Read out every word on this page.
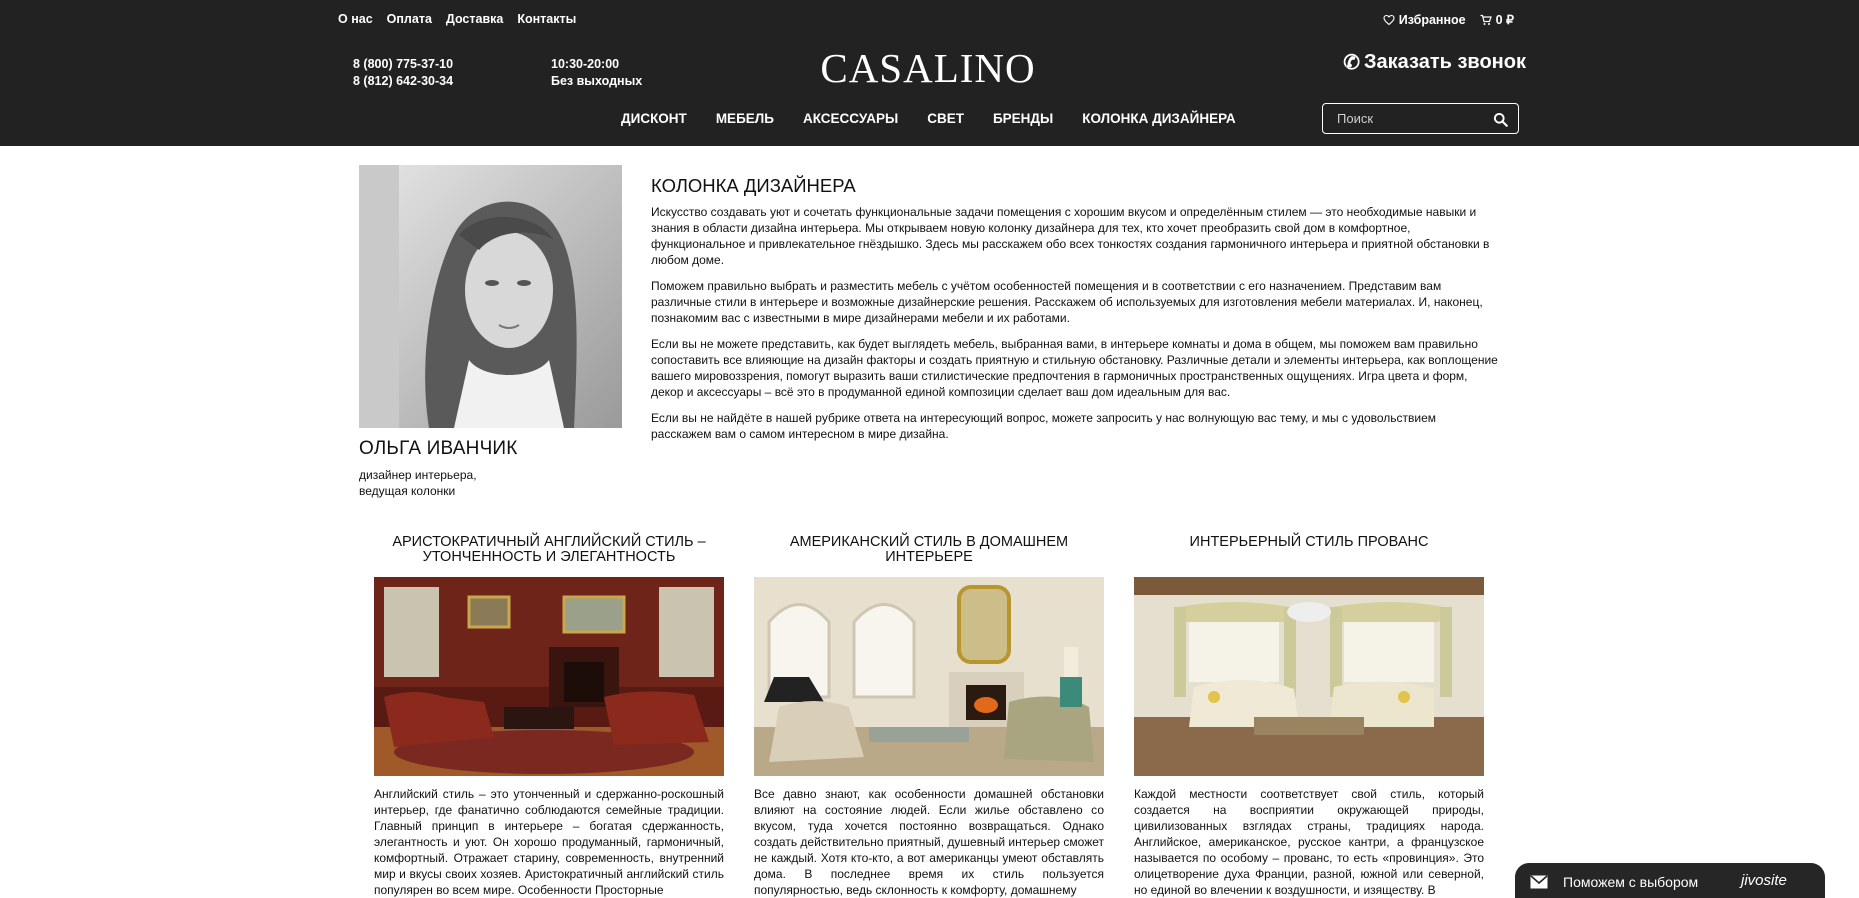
О нас Оплата Доставка Контакты	Избранное 0 ₽
8 (800) 775-37-10
8 (812) 642-30-34
10:30-20:00
Без выходных	CASALINO	✆ Заказать звонок
ДИСКОНТ МЕБЕЛЬ АКСЕССУАРЫ СВЕТ БРЕНДЫ КОЛОНКА ДИЗАЙНЕРА
Поиск
ОЛЬГА ИВАНЧИК
дизайнер интерьера,
ведущая колонки
КОЛОНКА ДИЗАЙНЕРА

Искусство создавать уют и сочетать функциональные задачи помещения с хорошим вкусом и определённым стилем — это необходимые навыки и знания в области дизайна интерьера. Мы открываем новую колонку дизайнера для тех, кто хочет преобразить свой дом в комфортное, функциональное и привлекательное гнёздышко. Здесь мы расскажем обо всех тонкостях создания гармоничного интерьера и приятной обстановки в любом доме.

Поможем правильно выбрать и разместить мебель с учётом особенностей помещения и в соответствии с его назначением. Представим вам различные стили в интерьере и возможные дизайнерские решения. Расскажем об используемых для изготовления мебели материалах. И, наконец, познакомим вас с известными в мире дизайнерами мебели и их работами.

Если вы не можете представить, как будет выглядеть мебель, выбранная вами, в интерьере комнаты и дома в общем, мы поможем вам правильно сопоставить все влияющие на дизайн факторы и создать приятную и стильную обстановку. Различные детали и элементы интерьера, как воплощение вашего мировоззрения, помогут выразить ваши стилистические предпочтения в гармоничных пространственных ощущениях. Игра цвета и форм, декор и аксессуары – всё это в продуманной единой композиции сделает ваш дом идеальным для вас.

Если вы не найдёте в нашей рубрике ответа на интересующий вопрос, можете запросить у нас волнующую вас тему, и мы с удовольствием расскажем вам о самом интересном в мире дизайна.

АРИСТОКРАТИЧНЫЙ АНГЛИЙСКИЙ СТИЛЬ – УТОНЧЕННОСТЬ И ЭЛЕГАНТНОСТЬ
Английский стиль – это утонченный и сдержанно-роскошный интерьер, где фанатично соблюдаются семейные традиции. Главный принцип в интерьере – богатая сдержанность, элегантность и уют. Он хорошо продуманный, гармоничный, комфортный. Отражает старину, современность, внутренний мир и вкусы своих хозяев. Аристократичный английский стиль популярен во всем мире. Особенности Просторные
АМЕРИКАНСКИЙ СТИЛЬ В ДОМАШНЕМ ИНТЕРЬЕРЕ
Все давно знают, как особенности домашней обстановки влияют на состояние людей. Если жилье обставлено со вкусом, туда хочется постоянно возвращаться. Однако создать действительно приятный, душевный интерьер сможет не каждый. Хотя кто-кто, а вот американцы умеют обставлять дома. В последнее время их стиль пользуется популярностью, ведь склонность к комфорту, домашнему
ИНТЕРЬЕРНЫЙ СТИЛЬ ПРОВАНС
Каждой местности соответствует свой стиль, который создается на восприятии окружающей природы, цивилизованных взглядах страны, традициях народа. Английское, американское, русское кантри, а французское называется по особому – прованс, то есть «провинция». Это олицетворение духа Франции, разной, южной или северной, но единой во влечении к воздушности, и изяществу. В	Поможем с выбором	jivosite
